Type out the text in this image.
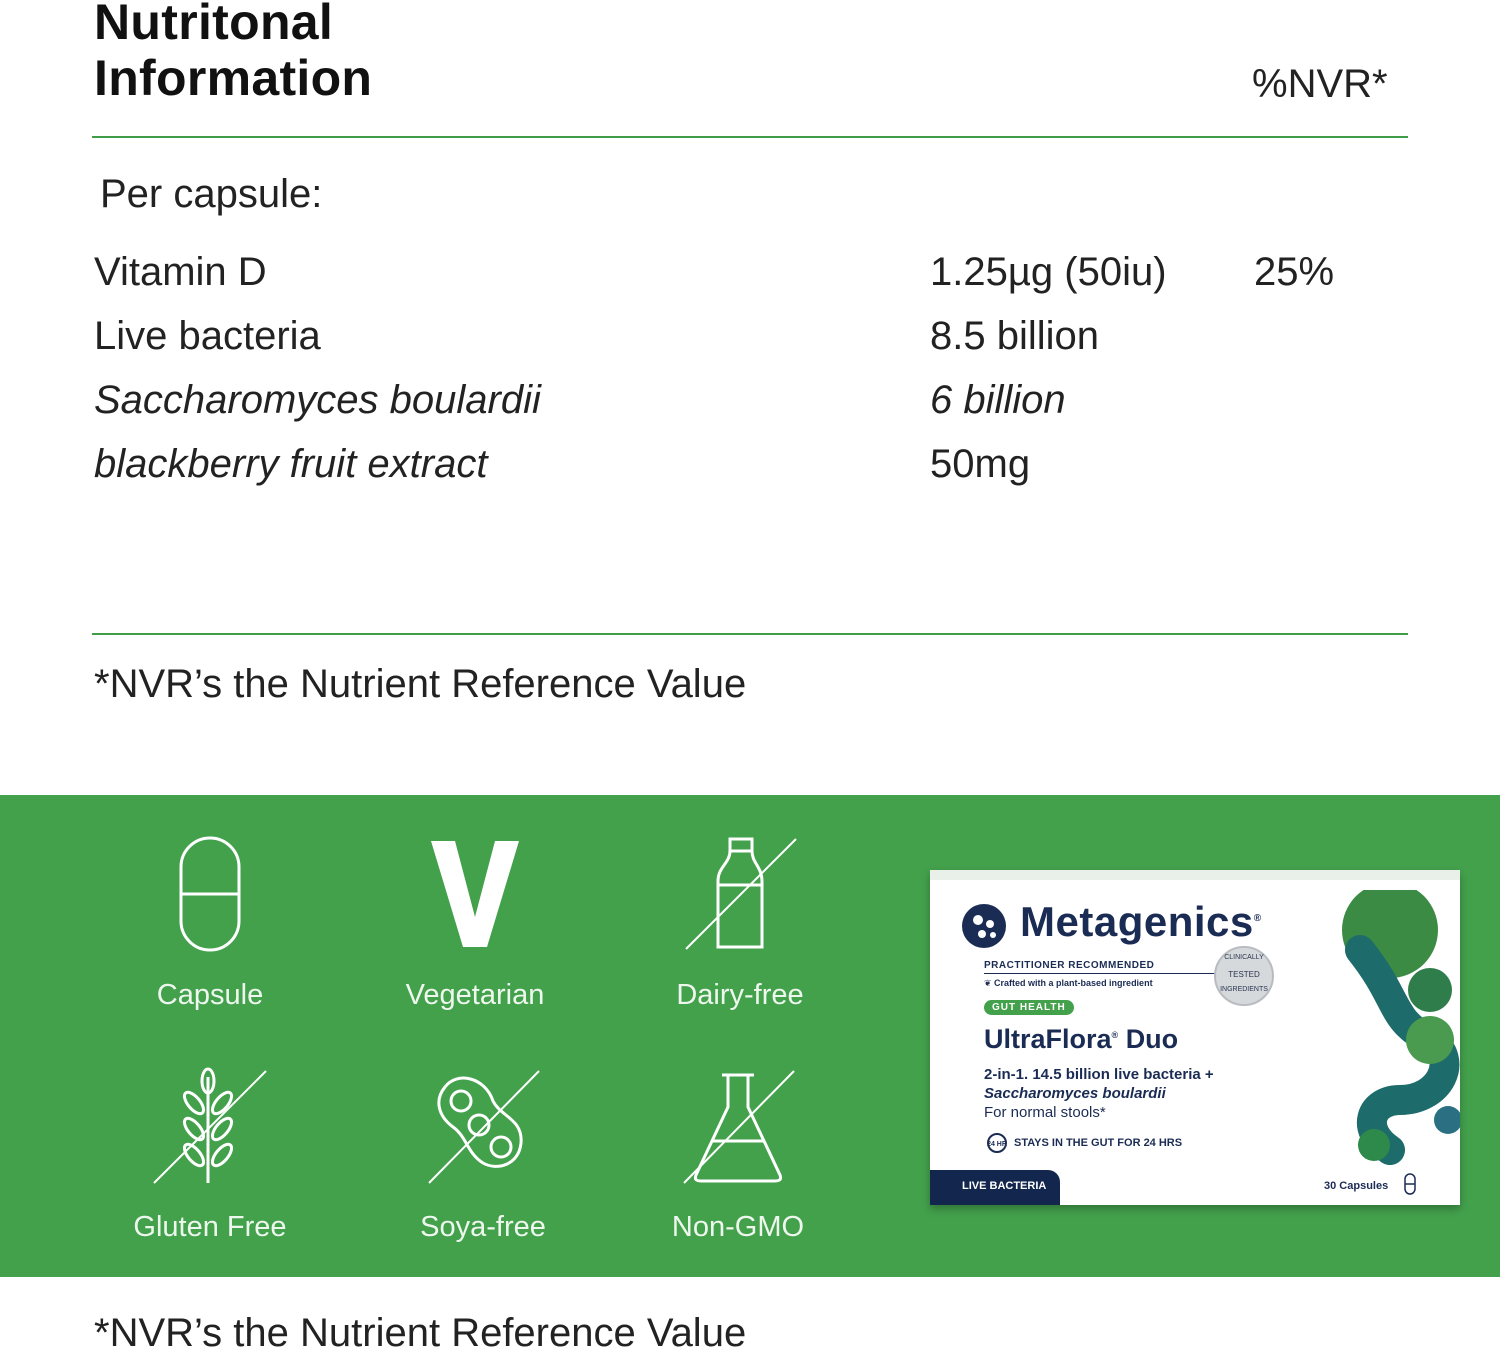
Nutritonal
Information	%NVR*
Per capsule:
Vitamin D	1.25µg (50iu) 25%
Live bacteria	8.5 billion
Saccharomyces boulardii	6 billion
blackberry fruit extract	50mg
*NVR’s the Nutrient Reference Value
Capsule	Vegetarian	Dairy-free
Gluten Free	Soya-free	Non-GMO
Metagenics®
PRACTITIONER RECOMMENDED
❦ Crafted with a plant-based ingredient
CLINICALLY
TESTED
INGREDIENTS
GUT HEALTH
UltraFlora® Duo
2-in-1. 14.5 billion live bacteria +
Saccharomyces boulardii
For normal stools*
24 HR STAYS IN THE GUT FOR 24 HRS
LIVE BACTERIA	30 Capsules
*NVR’s the Nutrient Reference Value
